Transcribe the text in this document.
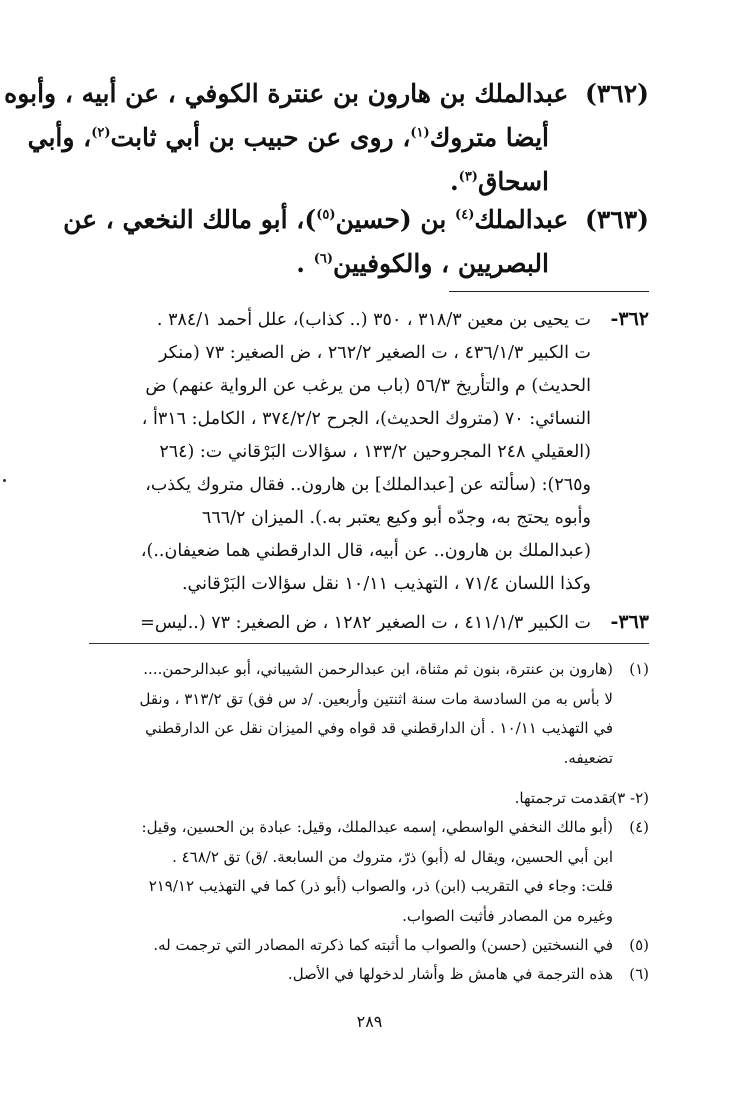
(٣٦٢) عبدالملك بن هارون بن عنترة الكوفي ، عن أبيه ، وأبوه
أيضا متروك$^{(١)}$، روى عن حبيب بن أبي ثابت$^{(٢)}$، وأبي
اسحاق$^{(٣)}$.
(٣٦٣) عبدالملك$^{(٤)}$ بن (حسين$^{(٥)}$)، أبو مالك النخعي ، عن
البصريين ، والكوفيين$^{(٦)}$ .
٣٦٢-ت يحيى بن معين ٣١٨/٣ ، ٣٥٠ (.. كذاب)، علل أحمد ٣٨٤/١ .
ت الكبير ٤٣٦/١/٣ ، ت الصغير ٢٦٢/٢ ، ض الصغير: ٧٣ (منكر
الحديث) م والتأريخ ٥٦/٣ (باب من يرغب عن الرواية عنهم) ض
النسائي: ٧٠ (متروك الحديث)، الجرح ٣٧٤/٢/٢ ، الكامل: ٣١٦أ ،
(العقيلي ٢٤٨ المجروحين ١٣٣/٢ ، سؤالات البَرْقاني ت: (٢٦٤
و٢٦٥): (سألته عن [عبدالملك] بن هارون.. فقال متروك يكذب،
وأبوه يحتج به، وجدّه أبو وكيع يعتبر به.). الميزان ٦٦٦/٢
(عبدالملك بن هارون.. عن أبيه، قال الدارقطني هما ضعيفان..)،
وكذا اللسان ٧١/٤ ، التهذيب ١٠/١١ نقل سؤالات البَرْقاني.
٣٦٣-ت الكبير ٤١١/١/٣ ، ت الصغير ١٢٨٢ ، ض الصغير: ٧٣ (..ليس=
(١)(هارون بن عنترة، بنون ثم مثناة، ابن عبدالرحمن الشيباني، أبو عبدالرحمن....
لا بأس به من السادسة مات سنة اثنتين وأربعين. /د س فق) تق ٣١٣/٢ ، ونقل
في التهذيب ١٠/١١ . أن الدارقطني قد قواه وفي الميزان نقل عن الدارقطني
تضعيفه.
(٢- ٣)تقدمت ترجمتها.
(٤)(أبو مالك النخفي الواسطي، إسمه عبدالملك، وقيل: عبادة بن الحسين، وقيل:
ابن أبي الحسين، ويقال له (أبو) ذرّ، متروك من السابعة. /ق) تق ٤٦٨/٢ .
قلت: وجاء في التقريب (ابن) ذر، والصواب (أبو ذر) كما في التهذيب ٢١٩/١٢
وغيره من المصادر فأثبت الصواب.
(٥)في النسختين (حسن) والصواب ما أثبته كما ذكرته المصادر التي ترجمت له.
(٦)هذه الترجمة في هامش ظ وأشار لدخولها في الأصل.
٢٨٩
